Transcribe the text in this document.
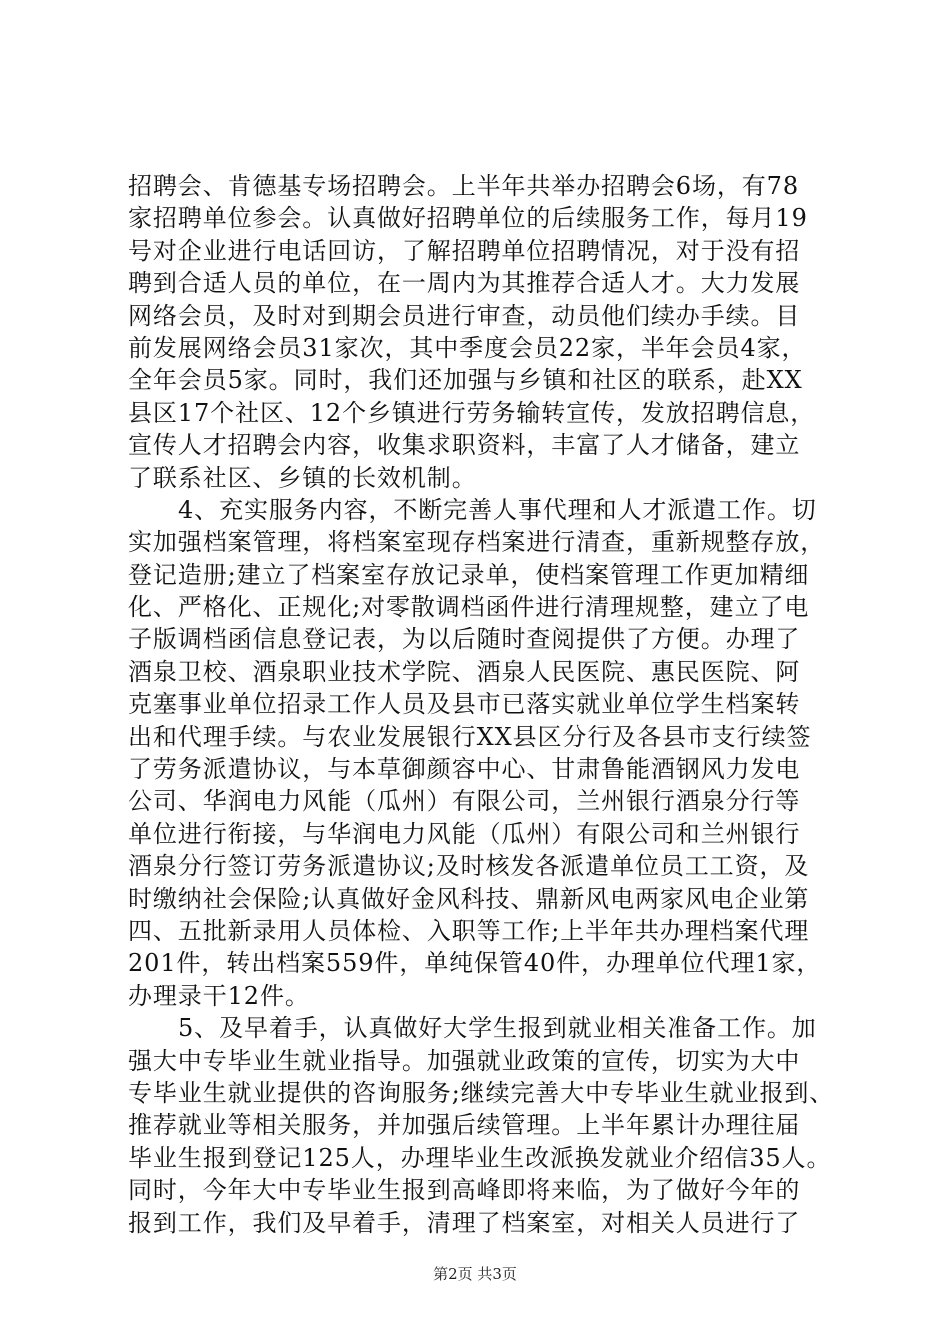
招聘会、肯德基专场招聘会。上半年共举办招聘会6场，有78
家招聘单位参会。认真做好招聘单位的后续服务工作，每月19
号对企业进行电话回访，了解招聘单位招聘情况，对于没有招
聘到合适人员的单位，在一周内为其推荐合适人才。大力发展
网络会员，及时对到期会员进行审查，动员他们续办手续。目
前发展网络会员31家次，其中季度会员22家，半年会员4家，
全年会员5家。同时，我们还加强与乡镇和社区的联系，赴XX
县区17个社区、12个乡镇进行劳务输转宣传，发放招聘信息，
宣传人才招聘会内容，收集求职资料，丰富了人才储备，建立
了联系社区、乡镇的长效机制。
4、充实服务内容，不断完善人事代理和人才派遣工作。切
实加强档案管理，将档案室现存档案进行清查，重新规整存放，
登记造册;建立了档案室存放记录单，使档案管理工作更加精细
化、严格化、正规化;对零散调档函件进行清理规整，建立了电
子版调档函信息登记表，为以后随时查阅提供了方便。办理了
酒泉卫校、酒泉职业技术学院、酒泉人民医院、惠民医院、阿
克塞事业单位招录工作人员及县市已落实就业单位学生档案转
出和代理手续。与农业发展银行XX县区分行及各县市支行续签
了劳务派遣协议，与本草御颜容中心、甘肃鲁能酒钢风力发电
公司、华润电力风能（瓜州）有限公司，兰州银行酒泉分行等
单位进行衔接，与华润电力风能（瓜州）有限公司和兰州银行
酒泉分行签订劳务派遣协议;及时核发各派遣单位员工工资，及
时缴纳社会保险;认真做好金风科技、鼎新风电两家风电企业第
四、五批新录用人员体检、入职等工作;上半年共办理档案代理
201件，转出档案559件，单纯保管40件，办理单位代理1家，
办理录干12件。
5、及早着手，认真做好大学生报到就业相关准备工作。加
强大中专毕业生就业指导。加强就业政策的宣传，切实为大中
专毕业生就业提供的咨询服务;继续完善大中专毕业生就业报到、
推荐就业等相关服务，并加强后续管理。上半年累计办理往届
毕业生报到登记125人，办理毕业生改派换发就业介绍信35人。
同时，今年大中专毕业生报到高峰即将来临，为了做好今年的
报到工作，我们及早着手，清理了档案室，对相关人员进行了
第2页 共3页
